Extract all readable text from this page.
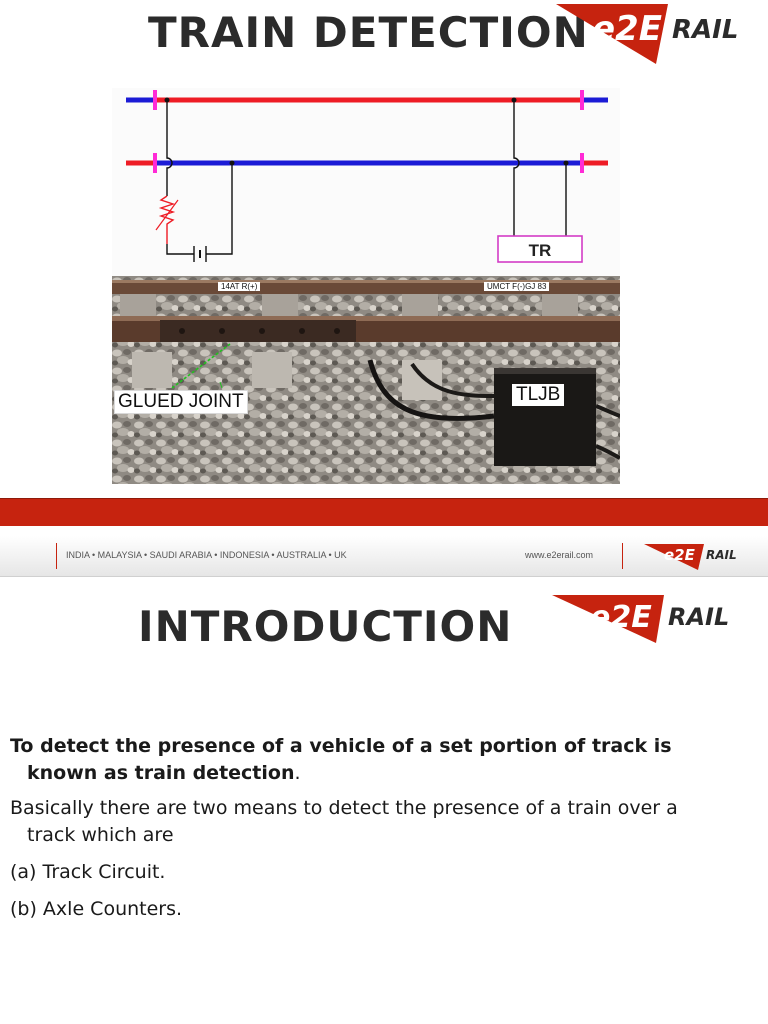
TRAIN DETECTION e2E RAIL
TR
14AT R(+)	UMCT F(-)GJ 83
GLUED JOINT	TLJB
INDIA • MALAYSIA • SAUDI ARABIA • INDONESIA • AUSTRALIA • UK	www.e2erail.com	e2E RAIL
INTRODUCTION	e2E RAIL
To detect the presence of a vehicle of a set portion of track is
known as train detection.
Basically there are two means to detect the presence of a train over a
track which are
(a) Track Circuit.
(b) Axle Counters.
